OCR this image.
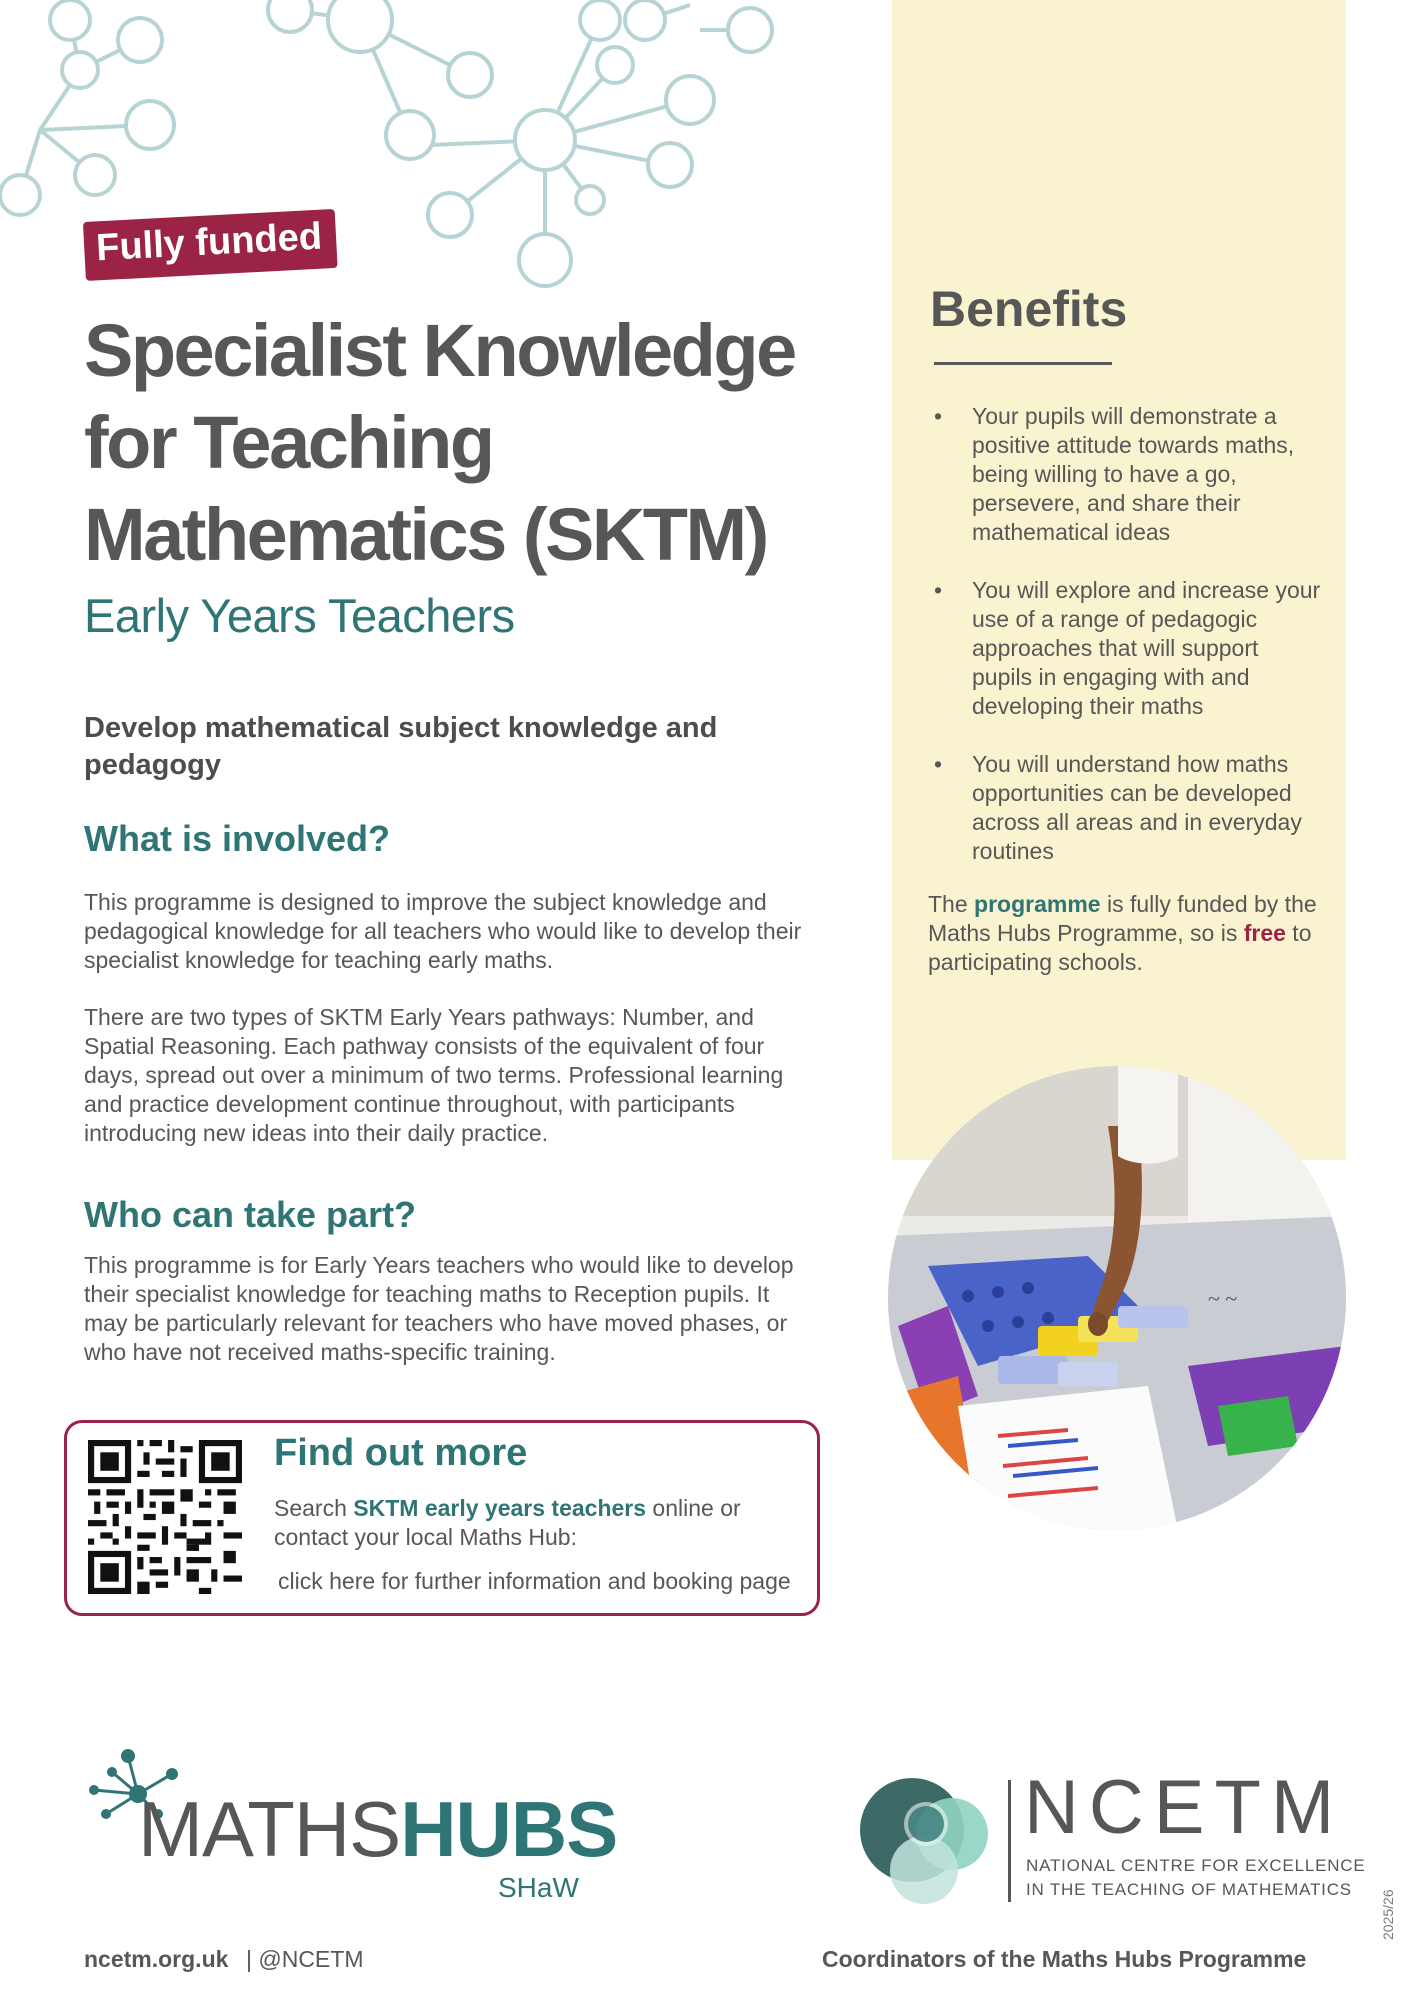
Fully funded
Specialist Knowledge
for Teaching
Mathematics (SKTM)
Early Years Teachers
Develop mathematical subject knowledge and pedagogy
What is involved?

This programme is designed to improve the subject knowledge and pedagogical knowledge for all teachers who would like to develop their specialist knowledge for teaching early maths.

There are two types of SKTM Early Years pathways: Number, and Spatial Reasoning. Each pathway consists of the equivalent of four days, spread out over a minimum of two terms. Professional learning and practice development continue throughout, with participants introducing new ideas into their daily practice.

Who can take part?

This programme is for Early Years teachers who would like to develop their specialist knowledge for teaching maths to Reception pupils. It may be particularly relevant for teachers who have moved phases, or who have not received maths-specific training.

Benefits
• Your pupils will demonstrate a positive attitude towards maths, being willing to have a go, persevere, and share their mathematical ideas
• You will explore and increase your use of a range of pedagogic approaches that will support pupils in engaging with and developing their maths
• You will understand how maths opportunities can be developed across all areas and in everyday routines

The programme is fully funded by the Maths Hubs Programme, so is free to participating schools.

~ ~
Find out more

Search SKTM early years teachers online or contact your local Maths Hub:

click here for further information and booking page
MATHSHUBS
SHaW
NCETM
NATIONAL CENTRE FOR EXCELLENCE
IN THE TEACHING OF MATHEMATICS
ncetm.org.uk | @NCETM	Coordinators of the Maths Hubs Programme
2025/26
